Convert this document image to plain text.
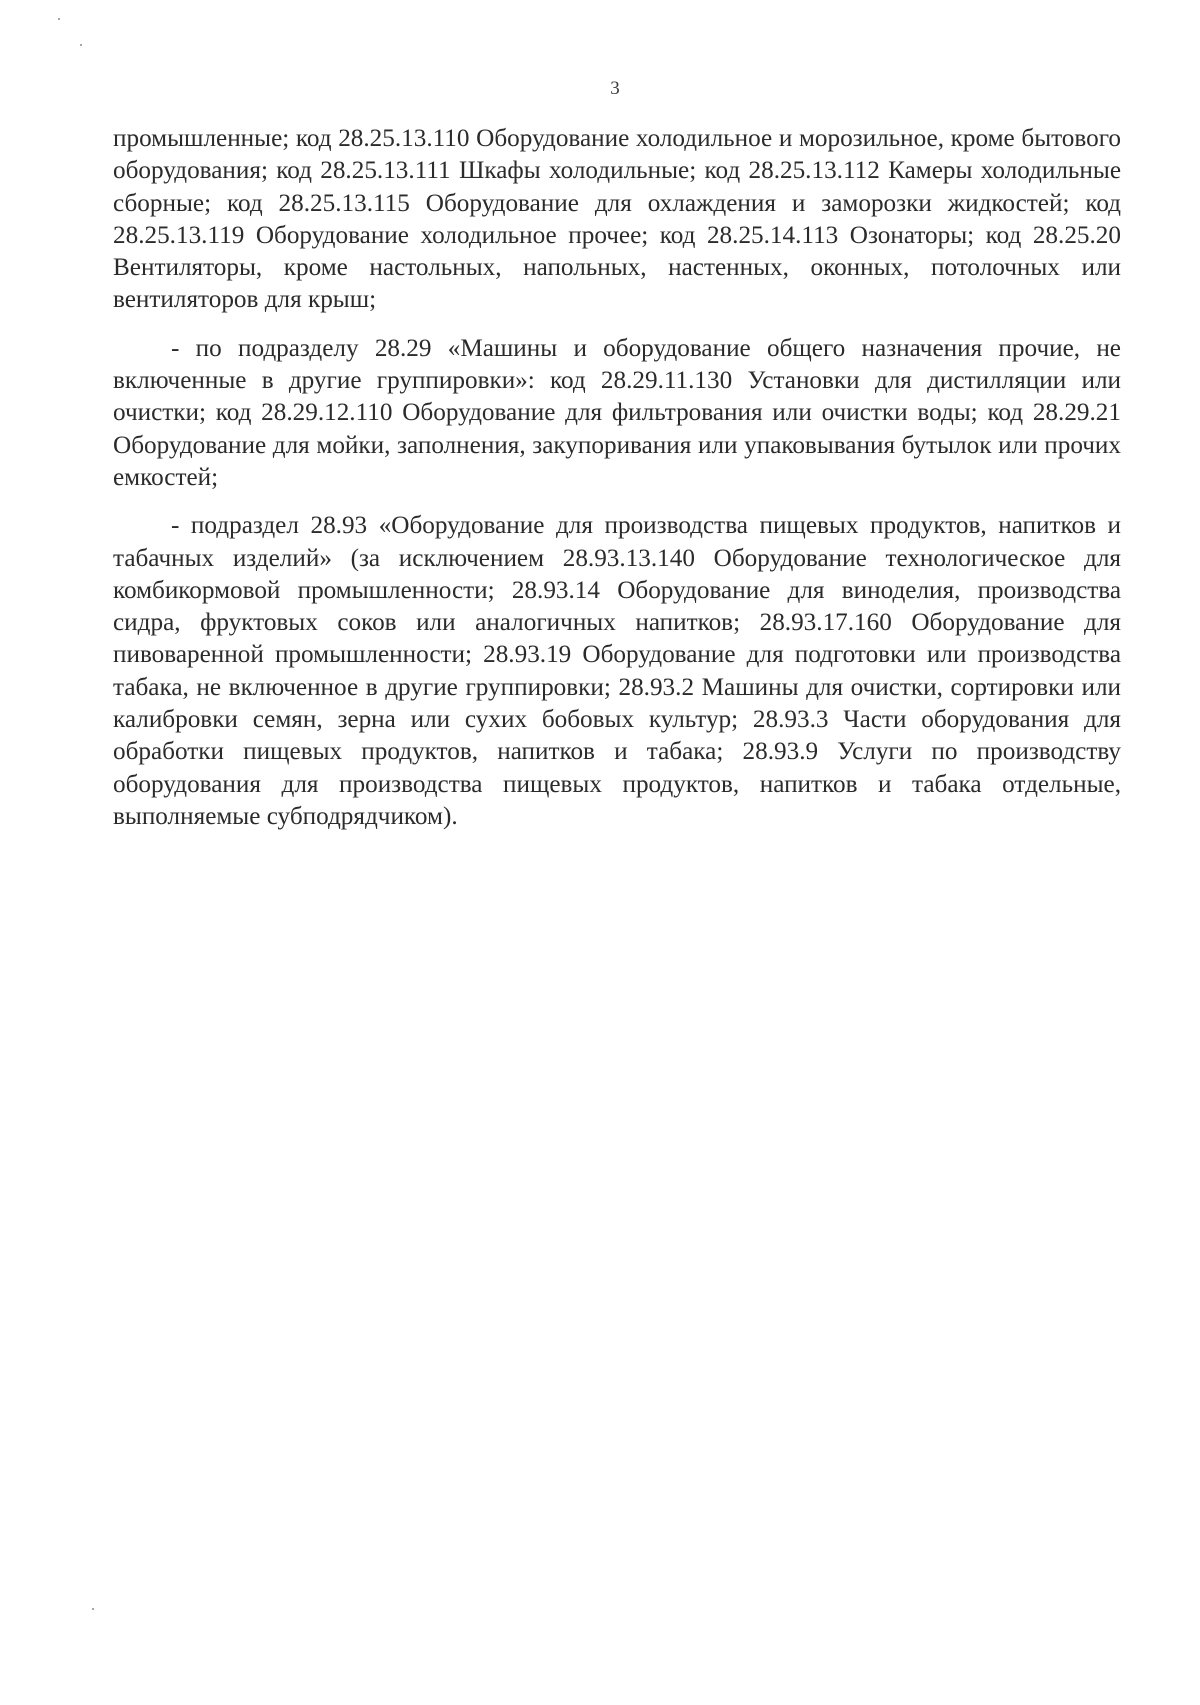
3

промышленные; код 28.25.13.110 Оборудование холодильное и морозильное, кроме бытового оборудования; код 28.25.13.111 Шкафы холодильные; код 28.25.13.112 Камеры холодильные сборные; код 28.25.13.115 Оборудование для охлаждения и заморозки жидкостей; код 28.25.13.119 Оборудование холодильное прочее; код 28.25.14.113 Озонаторы; код 28.25.20 Вентиляторы, кроме настольных, напольных, настенных, оконных, потолочных или вентиляторов для крыш;

- по подразделу 28.29 «Машины и оборудование общего назначения прочие, не включенные в другие группировки»: код 28.29.11.130 Установки для дистилляции или очистки; код 28.29.12.110 Оборудование для фильтрования или очистки воды; код 28.29.21 Оборудование для мойки, заполнения, закупоривания или упаковывания бутылок или прочих емкостей;

- подраздел 28.93 «Оборудование для производства пищевых продуктов, напитков и табачных изделий» (за исключением 28.93.13.140 Оборудование технологическое для комбикормовой промышленности; 28.93.14 Оборудование для виноделия, производства сидра, фруктовых соков или аналогичных напитков; 28.93.17.160 Оборудование для пивоваренной промышленности; 28.93.19 Оборудование для подготовки или производства табака, не включенное в другие группировки; 28.93.2 Машины для очистки, сортировки или калибровки семян, зерна или сухих бобовых культур; 28.93.3 Части оборудования для обработки пищевых продуктов, напитков и табака; 28.93.9 Услуги по производству оборудования для производства пищевых продуктов, напитков и табака отдельные, выполняемые субподрядчиком).
